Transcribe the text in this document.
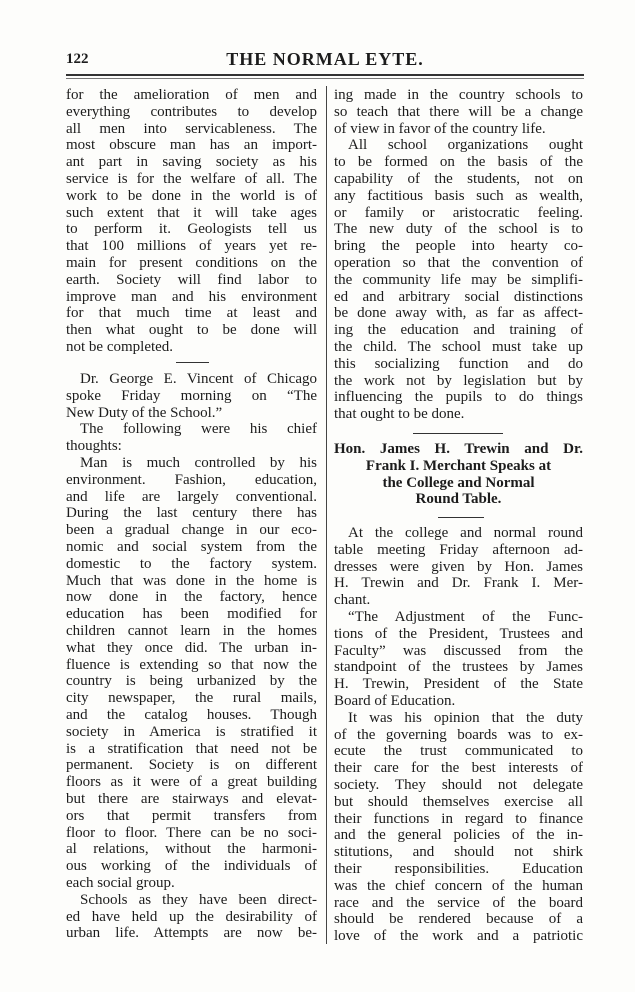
122	THE NORMAL EYTE.
for the amelioration of men and
everything contributes to develop
all men into servicableness. The
most obscure man has an import-
ant part in saving society as his
service is for the welfare of all. The
work to be done in the world is of
such extent that it will take ages
to perform it. Geologists tell us
that 100 millions of years yet re-
main for present conditions on the
earth. Society will find labor to
improve man and his environment
for that much time at least and
then what ought to be done will
not be completed.
Dr. George E. Vincent of Chicago
spoke Friday morning on “The
New Duty of the School.”
The following were his chief
thoughts:
Man is much controlled by his
environment. Fashion, education,
and life are largely conventional.
During the last century there has
been a gradual change in our eco-
nomic and social system from the
domestic to the factory system.
Much that was done in the home is
now done in the factory, hence
education has been modified for
children cannot learn in the homes
what they once did. The urban in-
fluence is extending so that now the
country is being urbanized by the
city newspaper, the rural mails,
and the catalog houses. Though
society in America is stratified it
is a stratification that need not be
permanent. Society is on different
floors as it were of a great building
but there are stairways and elevat-
ors that permit transfers from
floor to floor. There can be no soci-
al relations, without the harmoni-
ous working of the individuals of
each social group.
Schools as they have been direct-
ed have held up the desirability of
urban life. Attempts are now be-
ing made in the country schools to
so teach that there will be a change
of view in favor of the country life.
All school organizations ought
to be formed on the basis of the
capability of the students, not on
any factitious basis such as wealth,
or family or aristocratic feeling.
The new duty of the school is to
bring the people into hearty co-
operation so that the convention of
the community life may be simplifi-
ed and arbitrary social distinctions
be done away with, as far as affect-
ing the education and training of
the child. The school must take up
this socializing function and do
the work not by legislation but by
influencing the pupils to do things
that ought to be done.
Hon. James H. Trewin and Dr.
Frank I. Merchant Speaks at
the College and Normal
Round Table.
At the college and normal round
table meeting Friday afternoon ad-
dresses were given by Hon. James
H. Trewin and Dr. Frank I. Mer-
chant.
“The Adjustment of the Func-
tions of the President, Trustees and
Faculty” was discussed from the
standpoint of the trustees by James
H. Trewin, President of the State
Board of Education.
It was his opinion that the duty
of the governing boards was to ex-
ecute the trust communicated to
their care for the best interests of
society. They should not delegate
but should themselves exercise all
their functions in regard to finance
and the general policies of the in-
stitutions, and should not shirk
their responsibilities. Education
was the chief concern of the human
race and the service of the board
should be rendered because of a
love of the work and a patriotic
